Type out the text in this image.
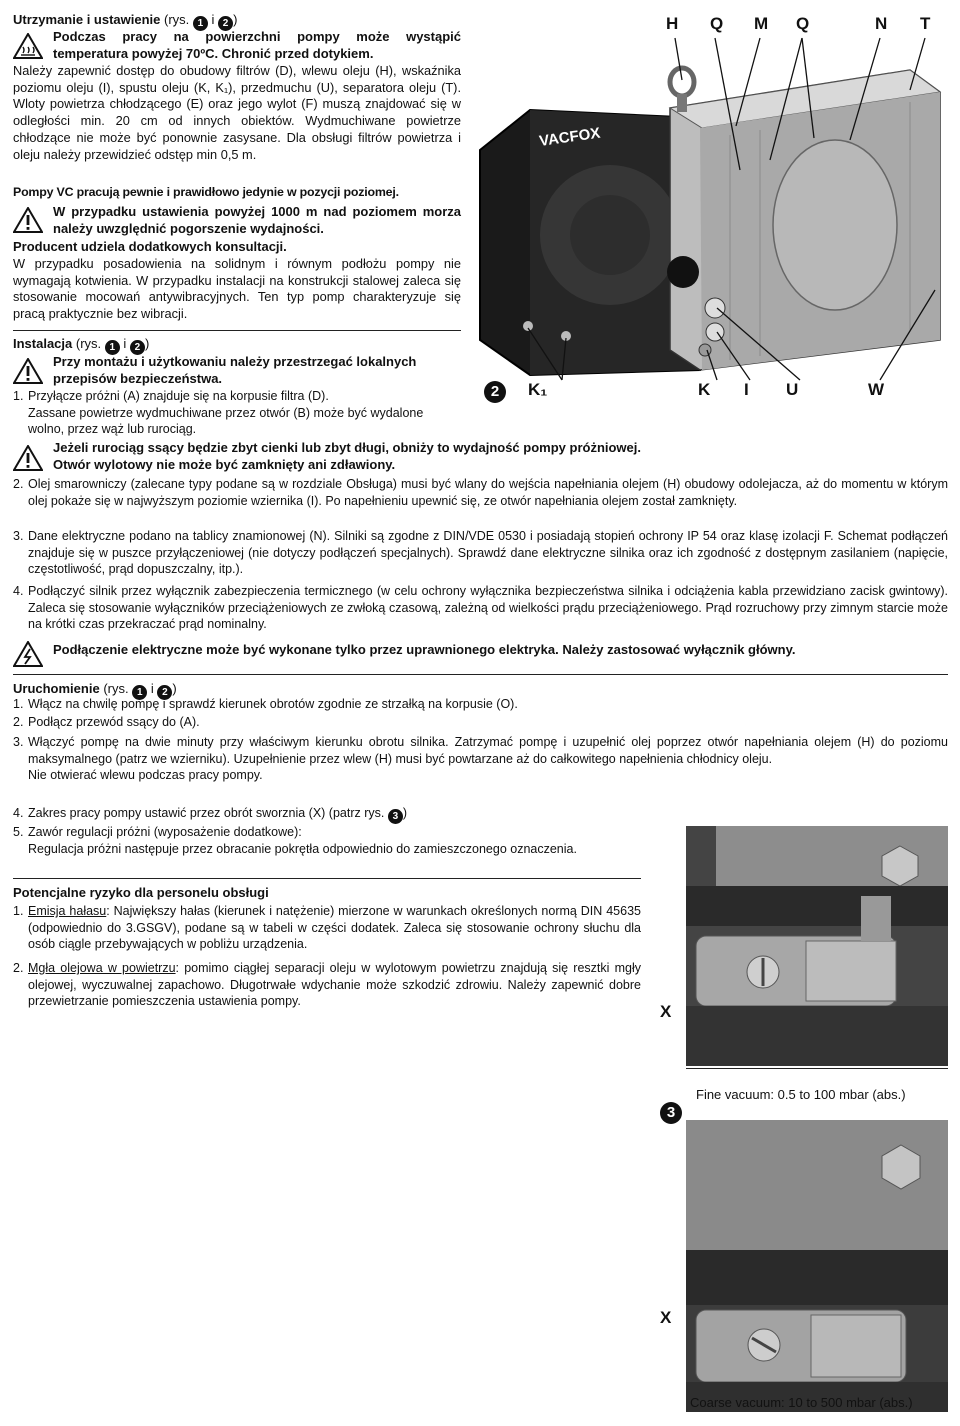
Utrzymanie i ustawienie (rys. 1 i 2 )

Podczas pracy na powierzchni pompy może wystąpić temperatura powyżej 70ºC. Chronić przed dotykiem.

Należy zapewnić dostęp do obudowy filtrów (D), wlewu oleju (H), wskaźnika poziomu oleju (I), spustu oleju (K, K₁), przedmuchu (U), separatora oleju (T). Wloty powietrza chłodzącego (E) oraz jego wylot (F) muszą znajdować się w odległości min. 20 cm od innych obiektów. Wydmuchiwane powietrze chłodzące nie może być ponownie zasysane. Dla obsługi filtrów powietrza i oleju należy przewidzieć odstęp min 0,5 m.

Pompy VC pracują pewnie i prawidłowo jedynie w pozycji poziomej.

W przypadku ustawienia powyżej 1000 m nad poziomem morza należy uwzględnić pogorszenie wydajności.

Producent udziela dodatkowych konsultacji.

W przypadku posadowienia na solidnym i równym podłożu pompy nie wymagają kotwienia. W przypadku instalacji na konstrukcji stalowej zaleca się stosowanie mocowań antywibracyjnych. Ten typ pomp charakteryzuje się pracą praktycznie bez wibracji.

Instalacja (rys. 1 i 2 )

Przy montażu i użytkowaniu należy przestrzegać lokalnych przepisów bezpieczeństwa.

1. Przyłącze próżni (A) znajduje się na korpusie filtra (D).

Zassane powietrze wydmuchiwane przez otwór (B) może być wydalone wolno, przez wąż lub rurociąg.

Jeżeli rurociąg ssący będzie zbyt cienki lub zbyt długi, obniży to wydajność pompy próżniowej.

Otwór wylotowy nie może być zamknięty ani zdławiony.

2. Olej smarowniczy (zalecane typy podane są w rozdziale Obsługa) musi być wlany do wejścia napełniania olejem (H) obudowy odolejacza, aż do momentu w którym olej pokaże się w najwyższym poziomie wziernika (I). Po napełnieniu upewnić się, ze otwór napełniania olejem został zamknięty.

3. Dane elektryczne podano na tablicy znamionowej (N). Silniki są zgodne z DIN/VDE 0530 i posiadają stopień ochrony IP 54 oraz klasę izolacji F. Schemat podłączeń znajduje się w puszce przyłączeniowej (nie dotyczy podłączeń specjalnych). Sprawdź dane elektryczne silnika oraz ich zgodność z dostępnym zasilaniem (napięcie, częstotliwość, prąd dopuszczalny, itp.).

4. Podłączyć silnik przez wyłącznik zabezpieczenia termicznego (w celu ochrony wyłącznika bezpieczeństwa silnika i odciążenia kabla przewidziano zacisk gwintowy). Zaleca się stosowanie wyłączników przeciążeniowych ze zwłoką czasową, zależną od wielkości prądu przeciążeniowego. Prąd rozruchowy przy zimnym starcie może na krótki czas przekraczać prąd nominalny.

Podłączenie elektryczne może być wykonane tylko przez uprawnionego elektryka. Należy zastosować wyłącznik główny.

Uruchomienie (rys. 1 i 2 )

1. Włącz na chwilę pompę i sprawdź kierunek obrotów zgodnie ze strzałką na korpusie (O).

2. Podłącz przewód ssący do (A).

3. Włączyć pompę na dwie minuty przy właściwym kierunku obrotu silnika. Zatrzymać pompę i uzupełnić olej poprzez otwór napełniania olejem (H) do poziomu maksymalnego (patrz we wzierniku). Uzupełnienie przez wlew (H) musi być powtarzane aż do całkowitego napełnienia chłodnicy oleju.

Nie otwierać wlewu podczas pracy pompy.

4. Zakres pracy pompy ustawić przez obrót sworznia (X) (patrz rys. 3 )

5. Zawór regulacji próżni (wyposażenie dodatkowe):

Regulacja próżni następuje przez obracanie pokrętła odpowiednio do zamieszczonego oznaczenia.

Potencjalne ryzyko dla personelu obsługi

1. Emisja hałasu: Największy hałas (kierunek i natężenie) mierzone w warunkach określonych normą DIN 45635 (odpowiednio do 3.GSGV), podane są w tabeli w części dodatek. Zaleca się stosowanie ochrony słuchu dla osób ciągle przebywających w pobliżu urządzenia.

2. Mgła olejowa w powietrzu: pomimo ciągłej separacji oleju w wylotowym powietrzu znajdują się resztki mgły olejowej, wyczuwalnej zapachowo. Długotrwałe wdychanie może szkodzić zdrowiu. Należy zapewnić dobre przewietrzanie pomieszczenia ustawienia pompy.

VACFOX
H Q M Q	N T
2	K₁	K I U	W
X

Fine vacuum: 0.5 to 100 mbar (abs.)

3
X

Coarse vacuum: 10 to 500 mbar (abs.)
